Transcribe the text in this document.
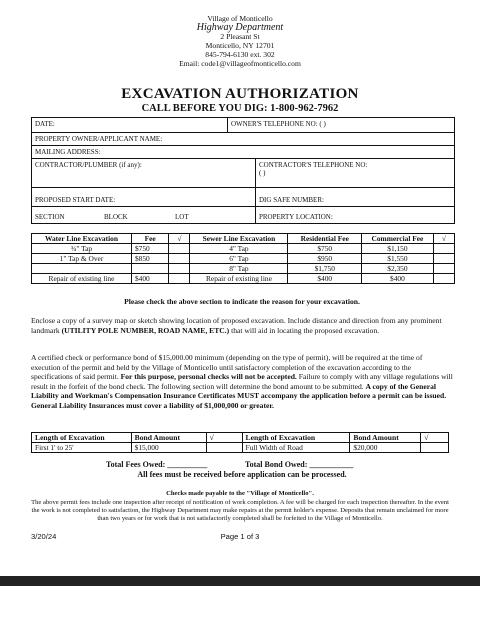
Village of Monticello
Highway Department
2 Pleasant St
Monticello, NY 12701
845-794-6130 ext. 302
Email: code1@villageofmonticello.com
EXCAVATION AUTHORIZATION
CALL BEFORE YOU DIG: 1-800-962-7962
DATE:	OWNER'S TELEPHONE NO: ( )
PROPERTY OWNER/APPLICANT NAME:
MAILING ADDRESS:
CONTRACTOR/PLUMBER (if any):	CONTRACTOR'S TELEPHONE NO:
( )
PROPOSED START DATE:	DIG SAFE NUMBER:
SECTION	BLOCK	LOT	PROPERTY LOCATION:
Water Line Excavation	Fee	√	Sewer Line Excavation	Residential Fee	Commercial Fee	√
¾" Tap	$750		4" Tap	$750	$1,150	
1" Tap & Over	$850		6" Tap	$950	$1,550	
			8" Tap	$1,750	$2,350	
Repair of existing line	$400		Repair of existing line	$400	$400	
Please check the above section to indicate the reason for your excavation.
Enclose a copy of a survey map or sketch showing location of proposed excavation. Include distance and direction from any prominent landmark (UTILITY POLE NUMBER, ROAD NAME, ETC.) that will aid in locating the proposed excavation.
A certified check or performance bond of $15,000.00 minimum (depending on the type of permit), will be required at the time of execution of the permit and held by the Village of Monticello until satisfactory completion of the excavation according to the specifications of said permit. For this purpose, personal checks will not be accepted. Failure to comply with any village regulations will result in the forfeit of the bond check. The following section will determine the bond amount to be submitted. A copy of the General Liability and Workman's Compensation Insurance Certificates MUST accompany the application before a permit can be issued. General Liability Insurances must cover a liability of $1,000,000 or greater.
Length of Excavation	Bond Amount	√	Length of Excavation	Bond Amount	√
First 1' to 25'	$15,000		Full Width of Road	$20,000	
Total Fees Owed: __________	Total Bond Owed: ___________
All fees must be received before application can be processed.
Checks made payable to the "Village of Monticello".
The above permit fees include one inspection after receipt of notification of work completion. A fee will be charged for each inspection thereafter. In the event the work is not completed to satisfaction, the Highway Department may make repairs at the permit holder's expense. Deposits that remain unclaimed for more than two years or for work that is not satisfactorily completed shall be forfeited to the Village of Monticello.
3/20/24	Page 1 of 3
